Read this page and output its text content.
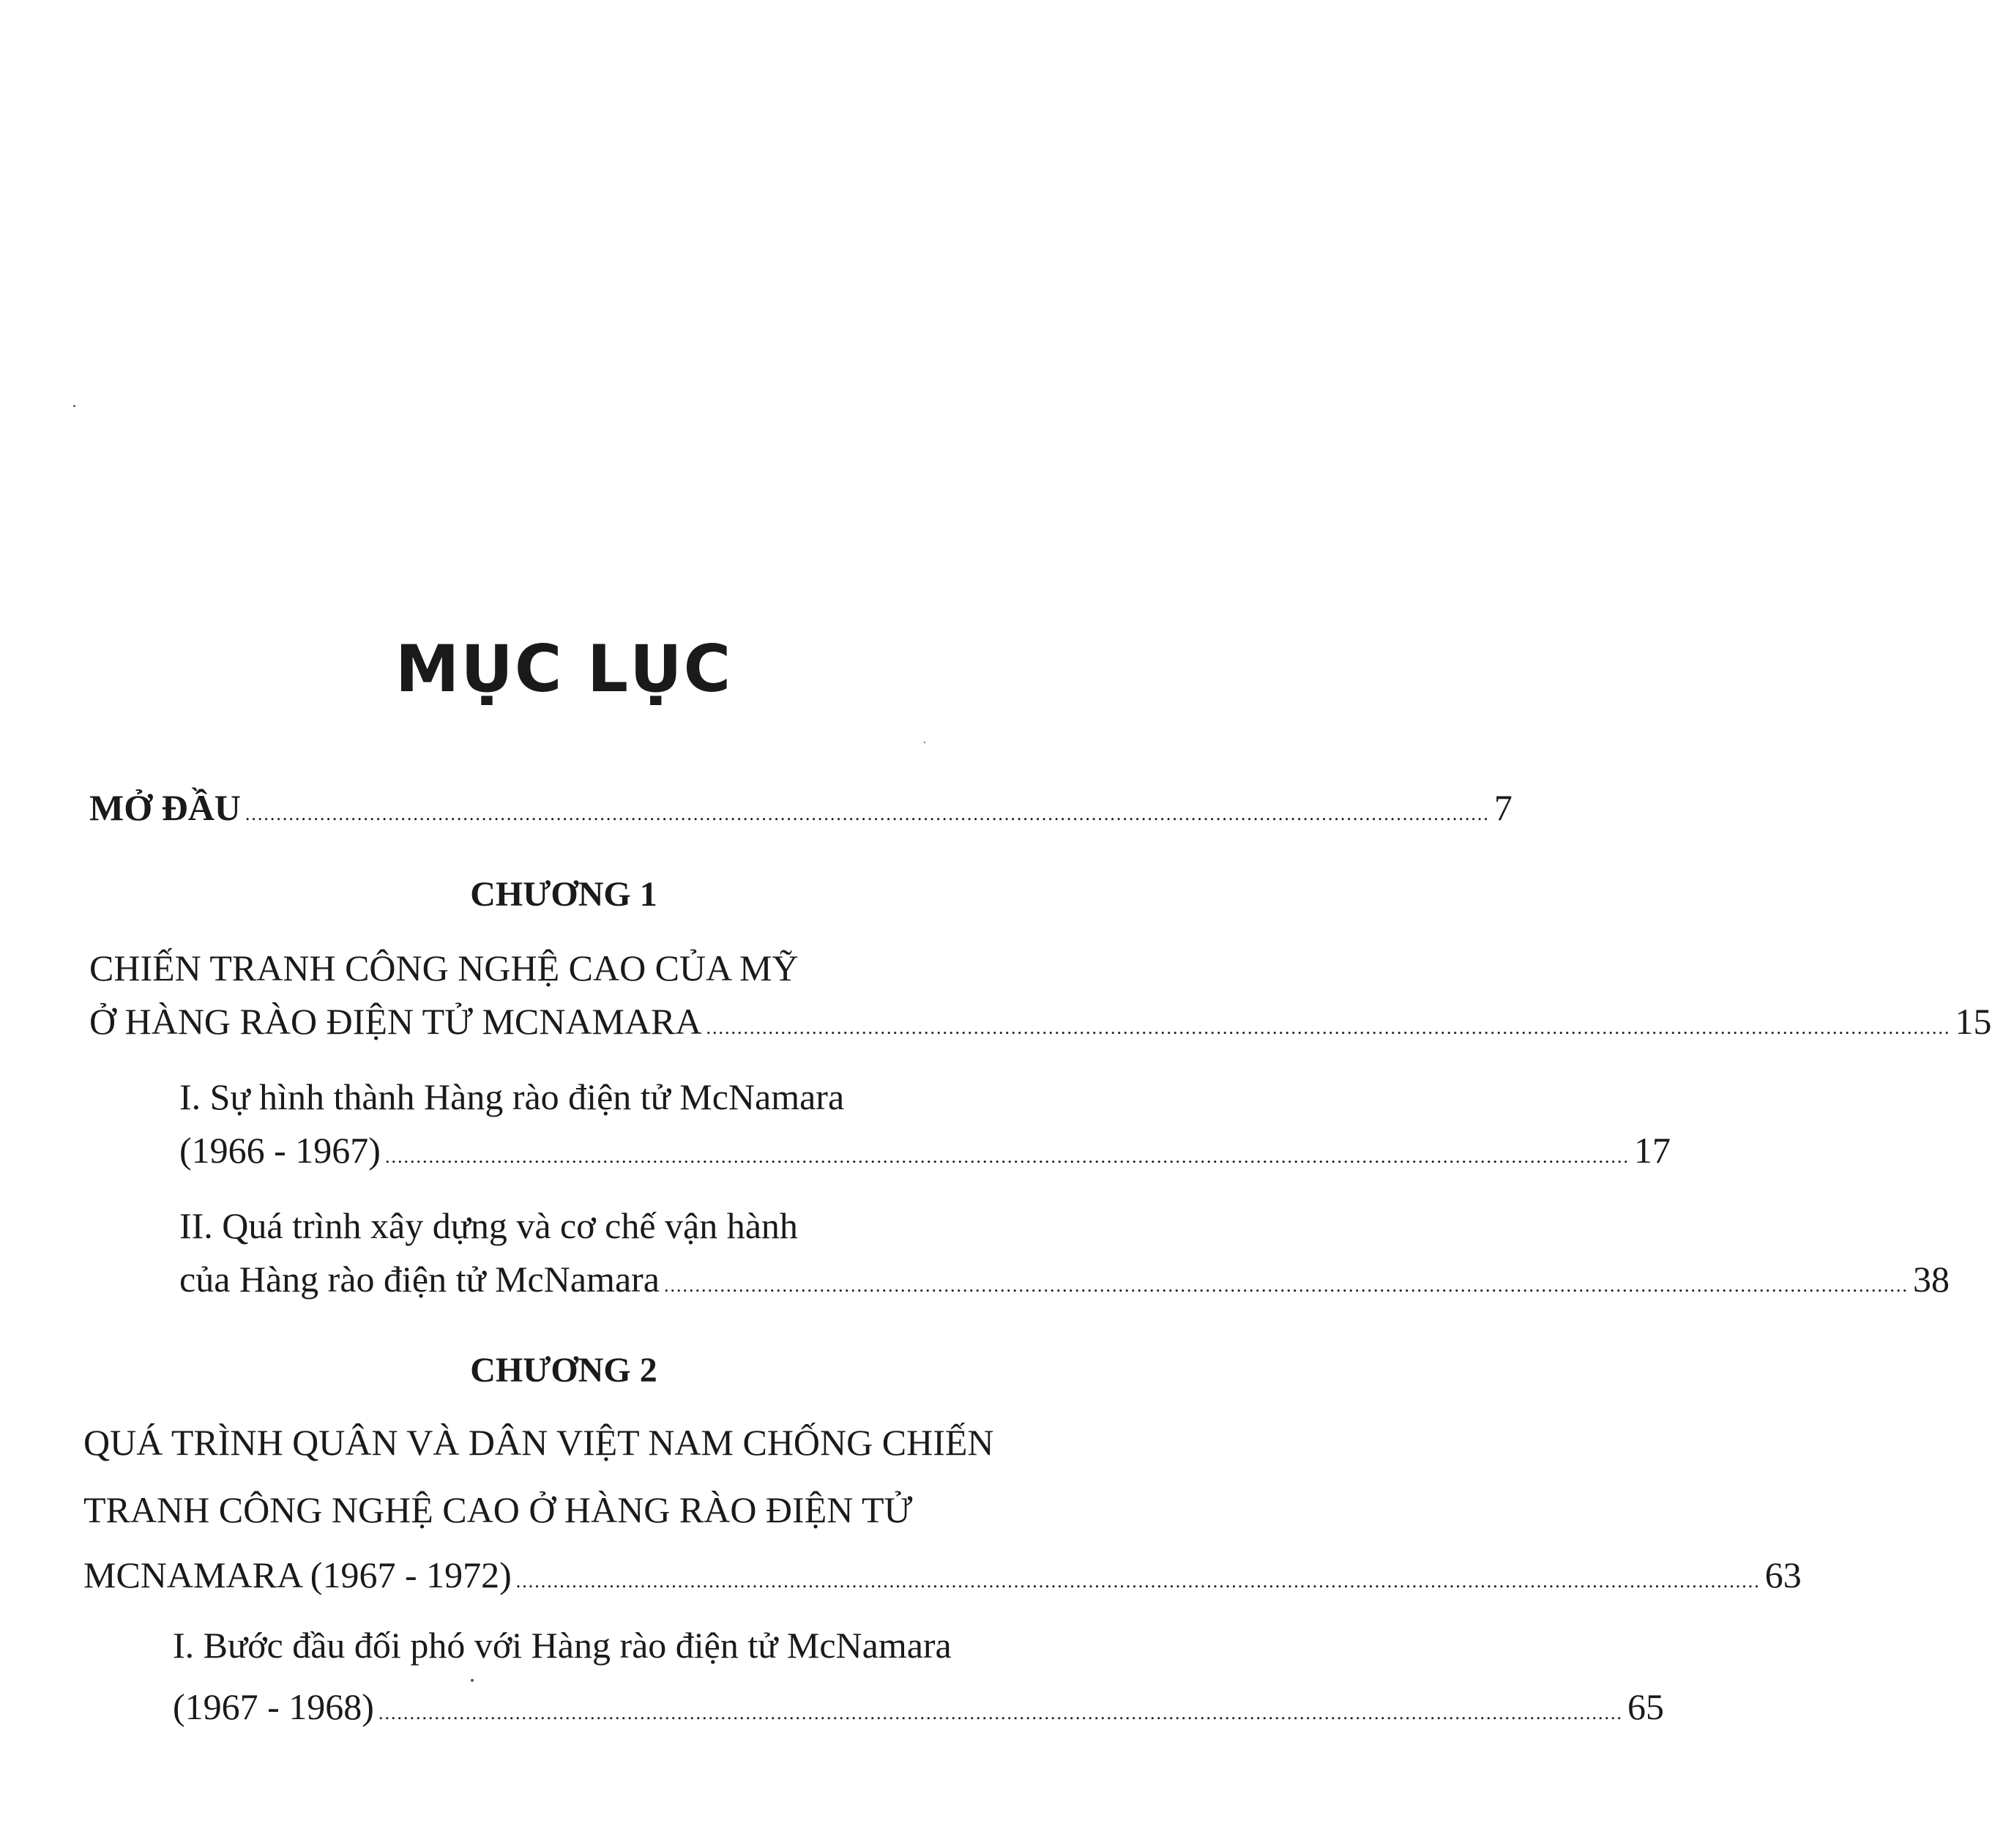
MỤC LỤC
MỞ ĐẦU ........................................................................................................................................................................................................ 7
CHƯƠNG 1
CHIẾN TRANH CÔNG NGHỆ CAO CỦA MỸ
Ở HÀNG RÀO ĐIỆN TỬ MCNAMARA ........................................................................................................................................................................................................ 15
I. Sự hình thành Hàng rào điện tử McNamara
(1966 - 1967) ........................................................................................................................................................................................................ 17
II. Quá trình xây dựng và cơ chế vận hành
của Hàng rào điện tử McNamara ........................................................................................................................................................................................................ 38
CHƯƠNG 2
QUÁ TRÌNH QUÂN VÀ DÂN VIỆT NAM CHỐNG CHIẾN
TRANH CÔNG NGHỆ CAO Ở HÀNG RÀO ĐIỆN TỬ
MCNAMARA (1967 - 1972) ........................................................................................................................................................................................................ 63
I. Bước đầu đối phó với Hàng rào điện tử McNamara
(1967 - 1968) ........................................................................................................................................................................................................ 65
